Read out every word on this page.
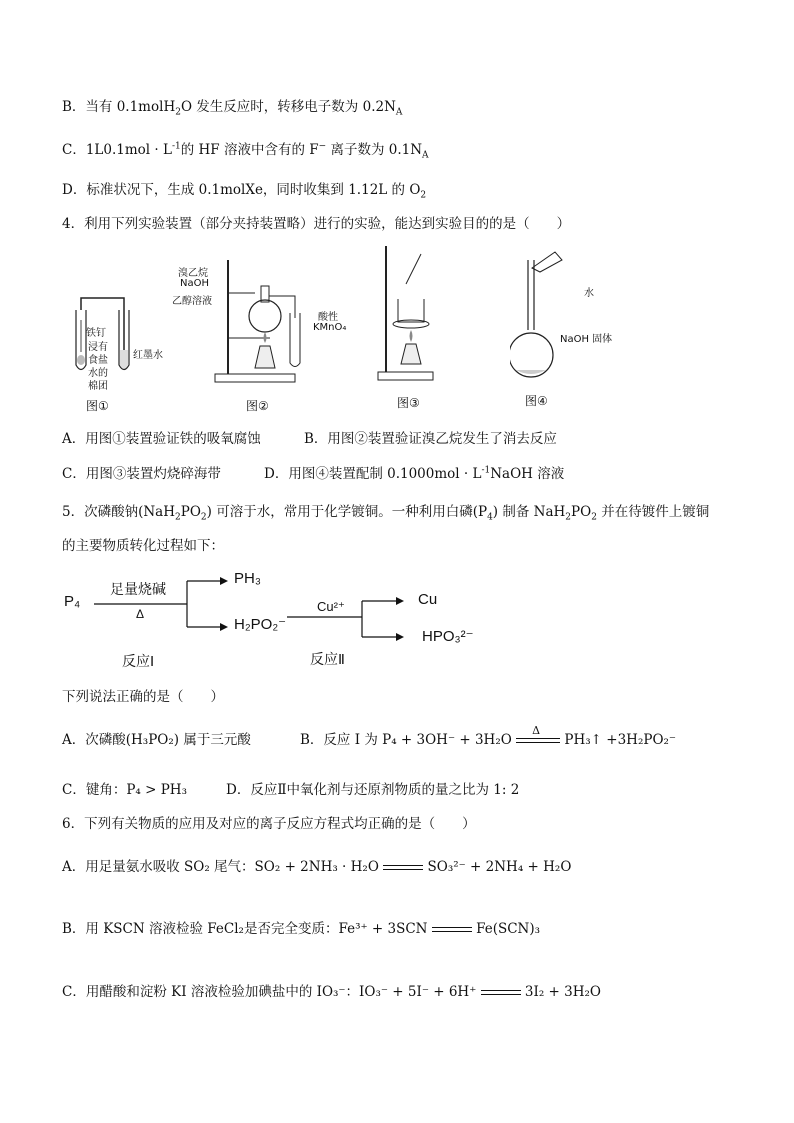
B．当有 0.1molH$_2$O 发生反应时，转移电子数为 $0.2N_A$
C．$1L0.1mol \cdot L^{-1}$的 HF 溶液中含有的 F− 离子数为 $0.1N_A$
D．标准状况下，生成 0.1molXe，同时收集到 1.12L 的 $O_2$
4．利用下列实验装置（部分夹持装置略）进行的实验，能达到实验目的的是（　　）
铁钉
浸有
食盐
水的
棉团
红墨水
图①
溴乙烷
NaOH
乙醇溶液
酸性
KMnO₄
图②	图③
水
NaOH 固体
图④
A．用图①装置验证铁的吸氧腐蚀	B．用图②装置验证溴乙烷发生了消去反应
C．用图③装置灼烧碎海带	D．用图④装置配制 $0.1000mol \cdot L^{-1}NaOH$ 溶液
5．次磷酸钠$(NaH_2PO_2)$ 可溶于水，常用于化学镀铜。一种利用白磷$(P_4)$ 制备 $NaH_2PO_2$ 并在待镀件上镀铜
的主要物质转化过程如下：
P₄
足量烧碱
Δ
PH₃
H₂PO₂⁻
Cu²⁺	Cu
HPO₃²⁻
反应Ⅰ	反应Ⅱ
下列说法正确的是（　　）
A．次磷酸(H₃PO₂) 属于三元酸	B．反应 I 为 P₄ + 3OH⁻ + 3H₂O
Δ
PH₃↑ +3H₂PO₂⁻
C．键角：P₄ > PH₃	D．反应Ⅱ中氧化剂与还原剂物质的量之比为 1: 2
6．下列有关物质的应用及对应的离子反应方程式均正确的是（　　）
A．用足量氨水吸收 SO₂ 尾气：SO₂ + 2NH₃ · H₂O	SO₃²⁻ + 2NH₄ + H₂O
B．用 KSCN 溶液检验 FeCl₂是否完全变质：Fe³⁺ + 3SCN	Fe(SCN)₃
C．用醋酸和淀粉 KI 溶液检验加碘盐中的 IO₃⁻：IO₃⁻ + 5I⁻ + 6H⁺	3I₂ + 3H₂O
